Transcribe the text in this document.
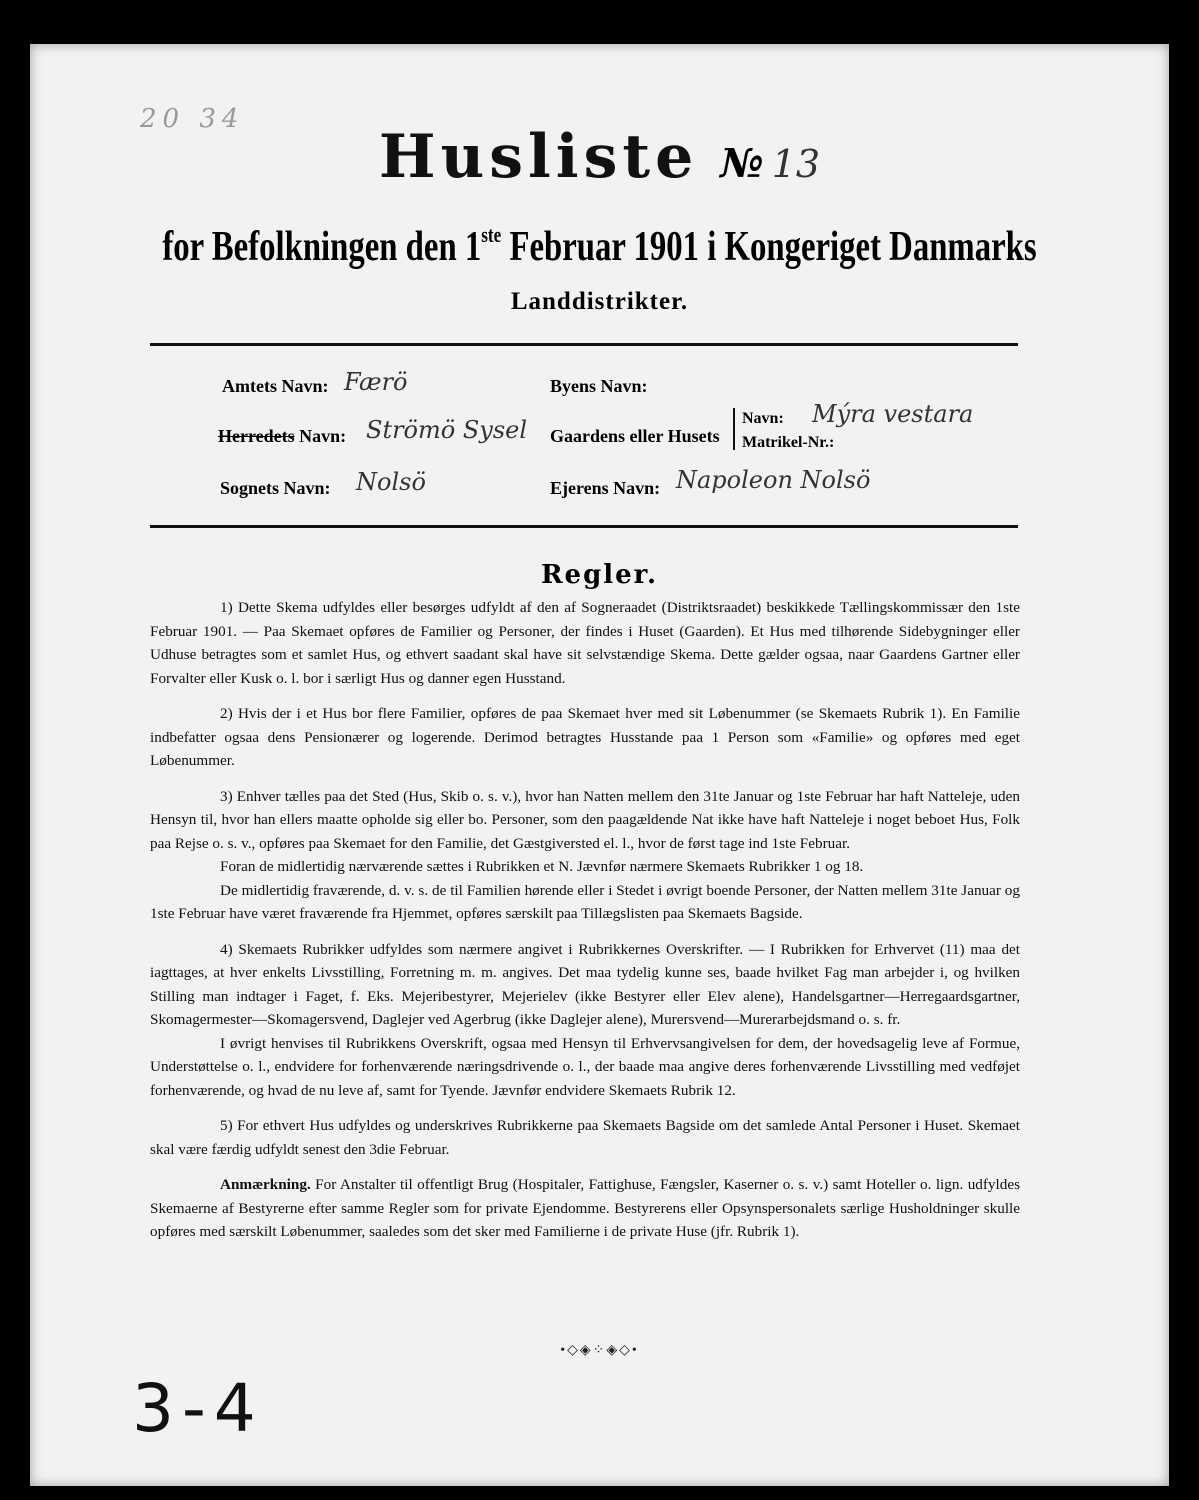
20 34
Husliste № 13
for Befolkningen den 1ste Februar 1901 i Kongeriget Danmarks
Landdistrikter.
Amtets Navn: Færö
Herredets Navn: Strömö Sysel
Sognets Navn: Nolsö
Byens Navn:
Gaardens eller Husets
Navn: Mýra vestara
Matrikel-Nr.:
Ejerens Navn: Napoleon Nolsö
Regler.

1) Dette Skema udfyldes eller besørges udfyldt af den af Sogneraadet (Distriktsraadet) beskikkede Tællingskommissær den 1ste Februar 1901. — Paa Skemaet opføres de Familier og Personer, der findes i Huset (Gaarden). Et Hus med tilhørende Sidebygninger eller Udhuse betragtes som et samlet Hus, og ethvert saadant skal have sit selvstændige Skema. Dette gælder ogsaa, naar Gaardens Gartner eller Forvalter eller Kusk o. l. bor i særligt Hus og danner egen Husstand.

2) Hvis der i et Hus bor flere Familier, opføres de paa Skemaet hver med sit Løbenummer (se Skemaets Rubrik 1). En Familie indbefatter ogsaa dens Pensionærer og logerende. Derimod betragtes Husstande paa 1 Person som «Familie» og opføres med eget Løbenummer.

3) Enhver tælles paa det Sted (Hus, Skib o. s. v.), hvor han Natten mellem den 31te Januar og 1ste Februar har haft Natteleje, uden Hensyn til, hvor han ellers maatte opholde sig eller bo. Personer, som den paagældende Nat ikke have haft Natteleje i noget beboet Hus, Folk paa Rejse o. s. v., opføres paa Skemaet for den Familie, det Gæstgiversted el. l., hvor de først tage ind 1ste Februar.

Foran de midlertidig nærværende sættes i Rubrikken et N. Jævnfør nærmere Skemaets Rubrikker 1 og 18.

De midlertidig fraværende, d. v. s. de til Familien hørende eller i Stedet i øvrigt boende Personer, der Natten mellem 31te Januar og 1ste Februar have været fraværende fra Hjemmet, opføres særskilt paa Tillægslisten paa Skemaets Bagside.

4) Skemaets Rubrikker udfyldes som nærmere angivet i Rubrikkernes Overskrifter. — I Rubrikken for Erhvervet (11) maa det iagttages, at hver enkelts Livsstilling, Forretning m. m. angives. Det maa tydelig kunne ses, baade hvilket Fag man arbejder i, og hvilken Stilling man indtager i Faget, f. Eks. Mejeribestyrer, Mejerielev (ikke Bestyrer eller Elev alene), Handelsgartner—Herregaardsgartner, Skomagermester—Skomagersvend, Daglejer ved Agerbrug (ikke Daglejer alene), Murersvend—Murerarbejdsmand o. s. fr.

I øvrigt henvises til Rubrikkens Overskrift, ogsaa med Hensyn til Erhvervsangivelsen for dem, der hovedsagelig leve af Formue, Understøttelse o. l., endvidere for forhenværende næringsdrivende o. l., der baade maa angive deres forhenværende Livsstilling med vedføjet forhenværende, og hvad de nu leve af, samt for Tyende. Jævnfør endvidere Skemaets Rubrik 12.

5) For ethvert Hus udfyldes og underskrives Rubrikkerne paa Skemaets Bagside om det samlede Antal Personer i Huset. Skemaet skal være færdig udfyldt senest den 3die Februar.

Anmærkning. For Anstalter til offentligt Brug (Hospitaler, Fattighuse, Fængsler, Kaserner o. s. v.) samt Hoteller o. lign. udfyldes Skemaerne af Bestyrerne efter samme Regler som for private Ejendomme. Bestyrerens eller Opsynspersonalets særlige Husholdninger skulle opføres med særskilt Løbenummer, saaledes som det sker med Familierne i de private Huse (jfr. Rubrik 1).

•◇◈⁘◈◇•
3-4
